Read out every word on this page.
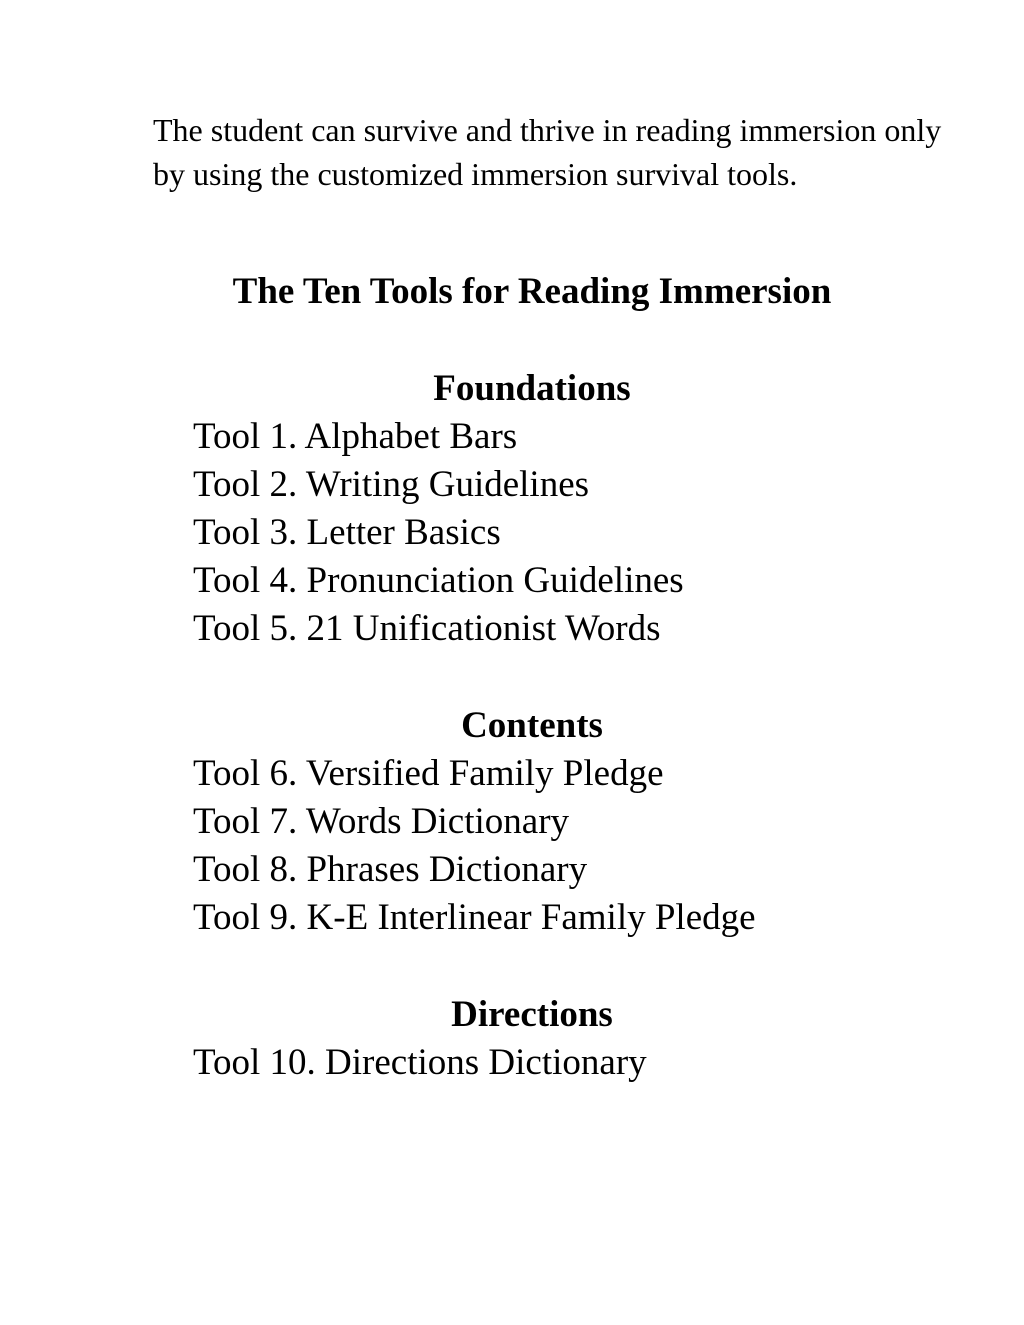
The student can survive and thrive in reading immersion only by using the customized immersion survival tools.

The Ten Tools for Reading Immersion
Foundations
Tool 1. Alphabet Bars
Tool 2. Writing Guidelines
Tool 3. Letter Basics
Tool 4. Pronunciation Guidelines
Tool 5. 21 Unificationist Words
Contents
Tool 6. Versified Family Pledge
Tool 7. Words Dictionary
Tool 8. Phrases Dictionary
Tool 9. K-E Interlinear Family Pledge
Directions
Tool 10. Directions Dictionary
